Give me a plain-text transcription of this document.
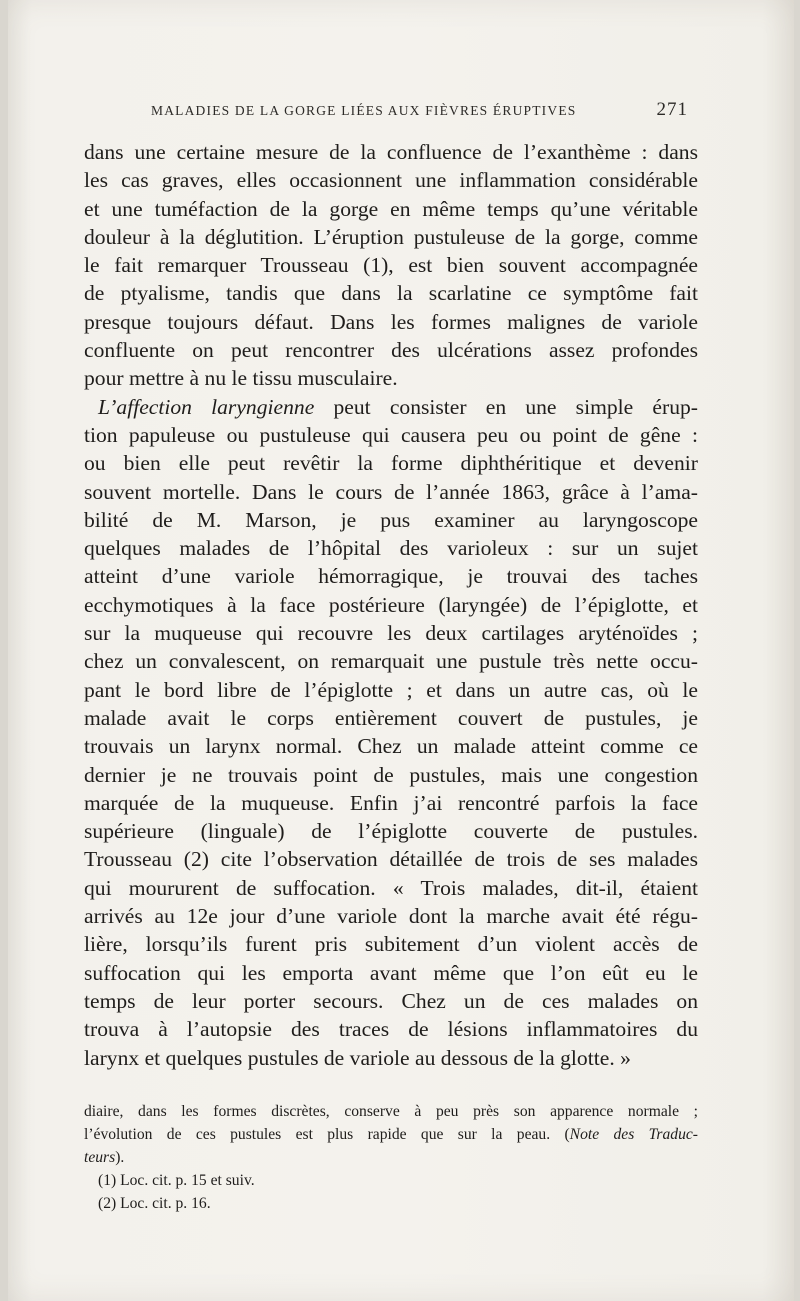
MALADIES DE LA GORGE LIÉES AUX FIÈVRES ÉRUPTIVES	271
dans une certaine mesure de la confluence de l’exanthème : dans
les cas graves, elles occasionnent une inflammation considérable
et une tuméfaction de la gorge en même temps qu’une véritable
douleur à la déglutition. L’éruption pustuleuse de la gorge, comme
le fait remarquer Trousseau (1), est bien souvent accompagnée
de ptyalisme, tandis que dans la scarlatine ce symptôme fait
presque toujours défaut. Dans les formes malignes de variole
confluente on peut rencontrer des ulcérations assez profondes
pour mettre à nu le tissu musculaire.
L’affection laryngienne peut consister en une simple érup-
tion papuleuse ou pustuleuse qui causera peu ou point de gêne :
ou bien elle peut revêtir la forme diphthéritique et devenir
souvent mortelle. Dans le cours de l’année 1863, grâce à l’ama-
bilité de M. Marson, je pus examiner au laryngoscope
quelques malades de l’hôpital des varioleux : sur un sujet
atteint d’une variole hémorragique, je trouvai des taches
ecchymotiques à la face postérieure (laryngée) de l’épiglotte, et
sur la muqueuse qui recouvre les deux cartilages aryténoïdes ;
chez un convalescent, on remarquait une pustule très nette occu-
pant le bord libre de l’épiglotte ; et dans un autre cas, où le
malade avait le corps entièrement couvert de pustules, je
trouvais un larynx normal. Chez un malade atteint comme ce
dernier je ne trouvais point de pustules, mais une congestion
marquée de la muqueuse. Enfin j’ai rencontré parfois la face
supérieure (linguale) de l’épiglotte couverte de pustules.
Trousseau (2) cite l’observation détaillée de trois de ses malades
qui moururent de suffocation. « Trois malades, dit-il, étaient
arrivés au 12e jour d’une variole dont la marche avait été régu-
lière, lorsqu’ils furent pris subitement d’un violent accès de
suffocation qui les emporta avant même que l’on eût eu le
temps de leur porter secours. Chez un de ces malades on
trouva à l’autopsie des traces de lésions inflammatoires du
larynx et quelques pustules de variole au dessous de la glotte. »
diaire, dans les formes discrètes, conserve à peu près son apparence normale ;
l’évolution de ces pustules est plus rapide que sur la peau. (Note des Traduc-
teurs).
(1) Loc. cit. p. 15 et suiv.
(2) Loc. cit. p. 16.
